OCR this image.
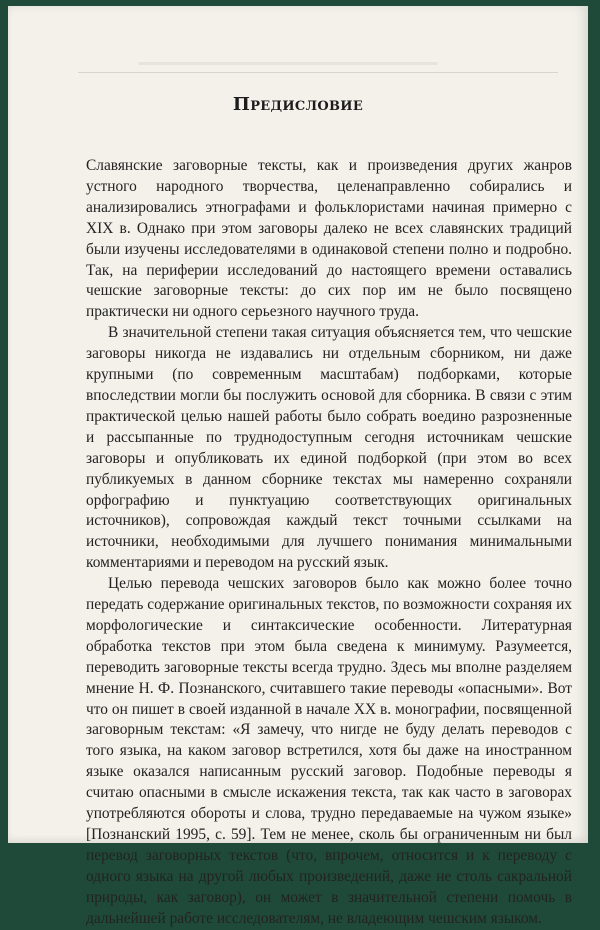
Предисловие

Славянские заговорные тексты, как и произведения других жанров устного народного творчества, целенаправленно собирались и анализировались этнографами и фольклористами начиная примерно с XIX в. Однако при этом заговоры далеко не всех славянских традиций были изучены исследователями в одинаковой степени полно и подробно. Так, на периферии исследований до настоящего времени оставались чешские заговорные тексты: до сих пор им не было посвящено практически ни одного серьезного научного труда.

В значительной степени такая ситуация объясняется тем, что чешские заговоры никогда не издавались ни отдельным сборником, ни даже крупными (по современным масштабам) подборками, которые впоследствии могли бы послужить основой для сборника. В связи с этим практической целью нашей работы было собрать воедино разрозненные и рассыпанные по труднодоступным сегодня источникам чешские заговоры и опубликовать их единой подборкой (при этом во всех публикуемых в данном сборнике текстах мы намеренно сохраняли орфографию и пунктуацию соответствующих оригинальных источников), сопровождая каждый текст точными ссылками на источники, необходимыми для лучшего понимания минимальными комментариями и переводом на русский язык.

Целью перевода чешских заговоров было как можно более точно передать содержание оригинальных текстов, по возможности сохраняя их морфологические и синтаксические особенности. Литературная обработка текстов при этом была сведена к минимуму. Разумеется, переводить заговорные тексты всегда трудно. Здесь мы вполне разделяем мнение Н. Ф. Познанского, считавшего такие переводы «опасными». Вот что он пишет в своей изданной в начале XX в. монографии, посвященной заговорным текстам: «Я замечу, что нигде не буду делать переводов с того языка, на каком заговор встретился, хотя бы даже на иностранном языке оказался написанным русский заговор. Подобные переводы я считаю опасными в смысле искажения текста, так как часто в заговорах употребляются обороты и слова, трудно передаваемые на чужом языке» [Познанский 1995, с. 59]. Тем не менее, сколь бы ограниченным ни был перевод заговорных текстов (что, впрочем, относится и к переводу с одного языка на другой любых произведений, даже не столь сакральной природы, как заговор), он может в значительной степени помочь в дальнейшей работе исследователям, не владеющим чешским языком.
